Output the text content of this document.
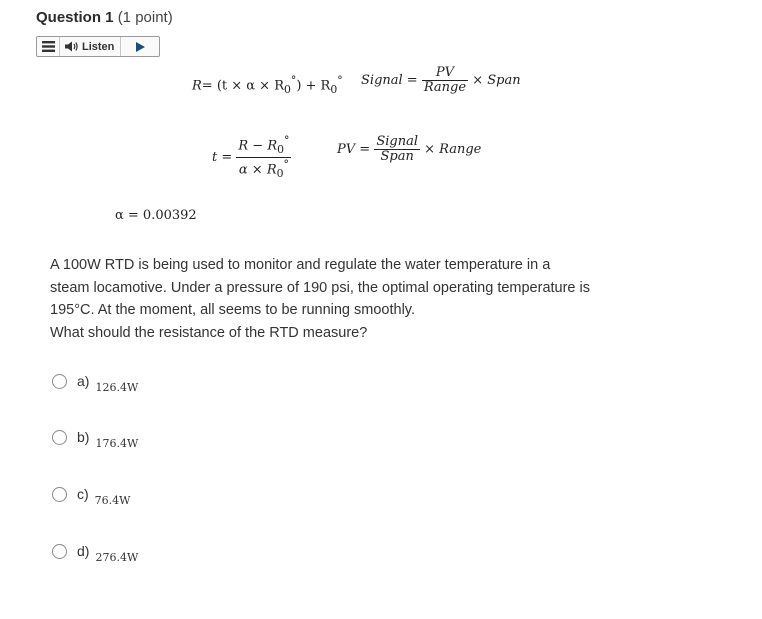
Question 1 (1 point)
Listen
$R= (t \times \alpha \times R_0^\circ) + R_0^\circ$ Signal = $\frac{PV}{\text{Range}}$ × Span
$t = \frac{R - R_0^\circ}{\alpha \times R_0^\circ}$	PV = $\frac{\text{Signal}}{\text{Span}}$ × Range
α = 0.00392

A 100W RTD is being used to monitor and regulate the water temperature in a

steam locamotive. Under a pressure of 190 psi, the optimal operating temperature is

195°C. At the moment, all seems to be running smoothly.

What should the resistance of the RTD measure?

a) 126.4W
b) 176.4W
c) 76.4W
d) 276.4W
